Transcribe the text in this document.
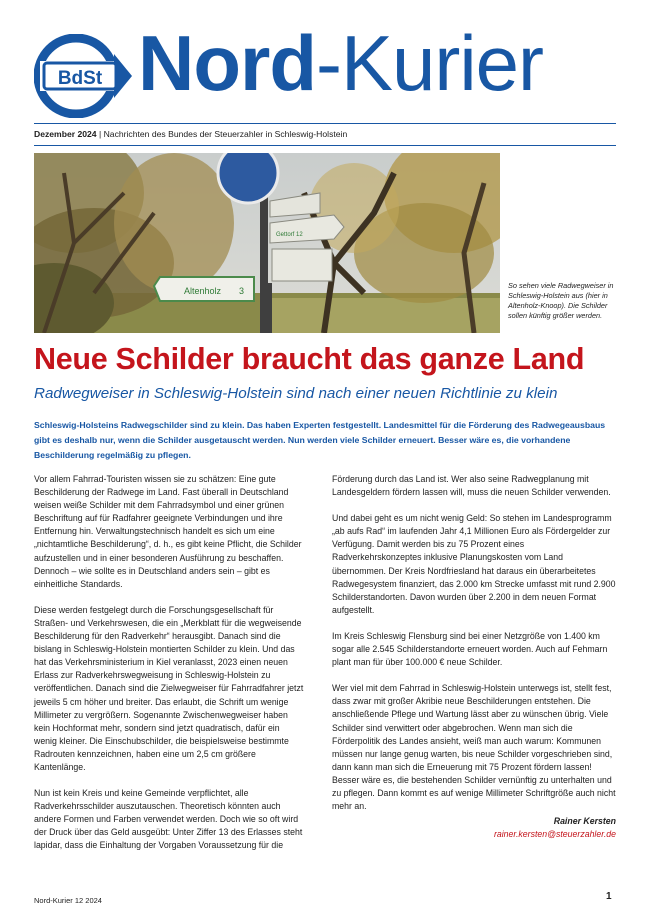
BdSt Nord-Kurier
Dezember 2024 | Nachrichten des Bundes der Steuerzahler in Schleswig-Holstein
Altenholz 3
Gettorf 12
So sehen viele Radwegweiser in Schleswig-Holstein aus (hier in Altenholz-Knoop). Die Schilder sollen künftig größer werden.
Neue Schilder braucht das ganze Land
Radwegweiser in Schleswig-Holstein sind nach einer neuen Richtlinie zu klein
Schleswig-Holsteins Radwegschilder sind zu klein. Das haben Experten festgestellt. Landesmittel für die Förderung des Radwegeausbaus gibt es deshalb nur, wenn die Schilder ausgetauscht werden. Nun werden viele Schilder erneuert. Besser wäre es, die vorhandene Beschilderung regelmäßig zu pflegen.

Vor allem Fahrrad-Touristen wissen sie zu schätzen: Eine gute Beschilderung der Radwege im Land. Fast überall in Deutschland weisen weiße Schilder mit dem Fahrradsymbol und einer grünen Beschriftung auf für Radfahrer geeignete Verbindungen und ihre Entfernung hin. Verwaltungstechnisch handelt es sich um eine „nichtamtliche Beschilderung“, d. h., es gibt keine Pflicht, die Schilder aufzustellen und in einer besonderen Ausführung zu beschaffen. Dennoch – wie sollte es in Deutschland anders sein – gibt es einheitliche Standards.

Diese werden festgelegt durch die Forschungsgesellschaft für Straßen- und Verkehrswesen, die ein „Merkblatt für die wegweisende Beschilderung für den Radverkehr“ herausgibt. Danach sind die bislang in Schleswig-Holstein montierten Schilder zu klein. Und das hat das Verkehrsministerium in Kiel veranlasst, 2023 einen neuen Erlass zur Radverkehrswegweisung in Schleswig-Holstein zu veröffentlichen. Danach sind die Zielwegweiser für Fahrradfahrer jetzt jeweils 5 cm höher und breiter. Das erlaubt, die Schrift um wenige Millimeter zu vergrößern. Sogenannte Zwischenwegweiser haben kein Hochformat mehr, sondern sind jetzt quadratisch, dafür ein wenig kleiner. Die Einschubschilder, die beispielsweise bestimmte Radrouten kennzeichnen, haben eine um 2,5 cm größere Kantenlänge.

Nun ist kein Kreis und keine Gemeinde verpflichtet, alle Radverkehrsschilder auszutauschen. Theoretisch könnten auch andere Formen und Farben verwendet werden. Doch wie so oft wird der Druck über das Geld ausgeübt: Unter Ziffer 13 des Erlasses steht lapidar, dass die Einhaltung der Vorgaben Voraussetzung für die

Förderung durch das Land ist. Wer also seine Radwegplanung mit Landesgeldern fördern lassen will, muss die neuen Schilder verwenden.

Und dabei geht es um nicht wenig Geld: So stehen im Landesprogramm „ab aufs Rad“ im laufenden Jahr 4,1 Millionen Euro als Fördergelder zur Verfügung. Damit werden bis zu 75 Prozent eines Radverkehrskonzeptes inklusive Planungskosten vom Land übernommen. Der Kreis Nordfriesland hat daraus ein überarbeitetes Radwegesystem finanziert, das 2.000 km Strecke umfasst mit rund 2.900 Schilderstandorten. Davon wurden über 2.200 in dem neuen Format aufgestellt.

Im Kreis Schleswig Flensburg sind bei einer Netzgröße von 1.400 km sogar alle 2.545 Schilderstandorte erneuert worden. Auch auf Fehmarn plant man für über 100.000 € neue Schilder.

Wer viel mit dem Fahrrad in Schleswig-Holstein unterwegs ist, stellt fest, dass zwar mit großer Akribie neue Beschilderungen entstehen. Die anschließende Pflege und Wartung lässt aber zu wünschen übrig. Viele Schilder sind verwittert oder abgebrochen. Wenn man sich die Förderpolitik des Landes ansieht, weiß man auch warum: Kommunen müssen nur lange genug warten, bis neue Schilder vorgeschrieben sind, dann kann man sich die Erneuerung mit 75 Prozent fördern lassen! Besser wäre es, die bestehenden Schilder vernünftig zu unterhalten und zu pflegen. Dann kommt es auf wenige Millimeter Schriftgröße auch nicht mehr an.

Rainer Kersten

rainer.kersten@steuerzahler.de

Nord-Kurier 12 2024	1
